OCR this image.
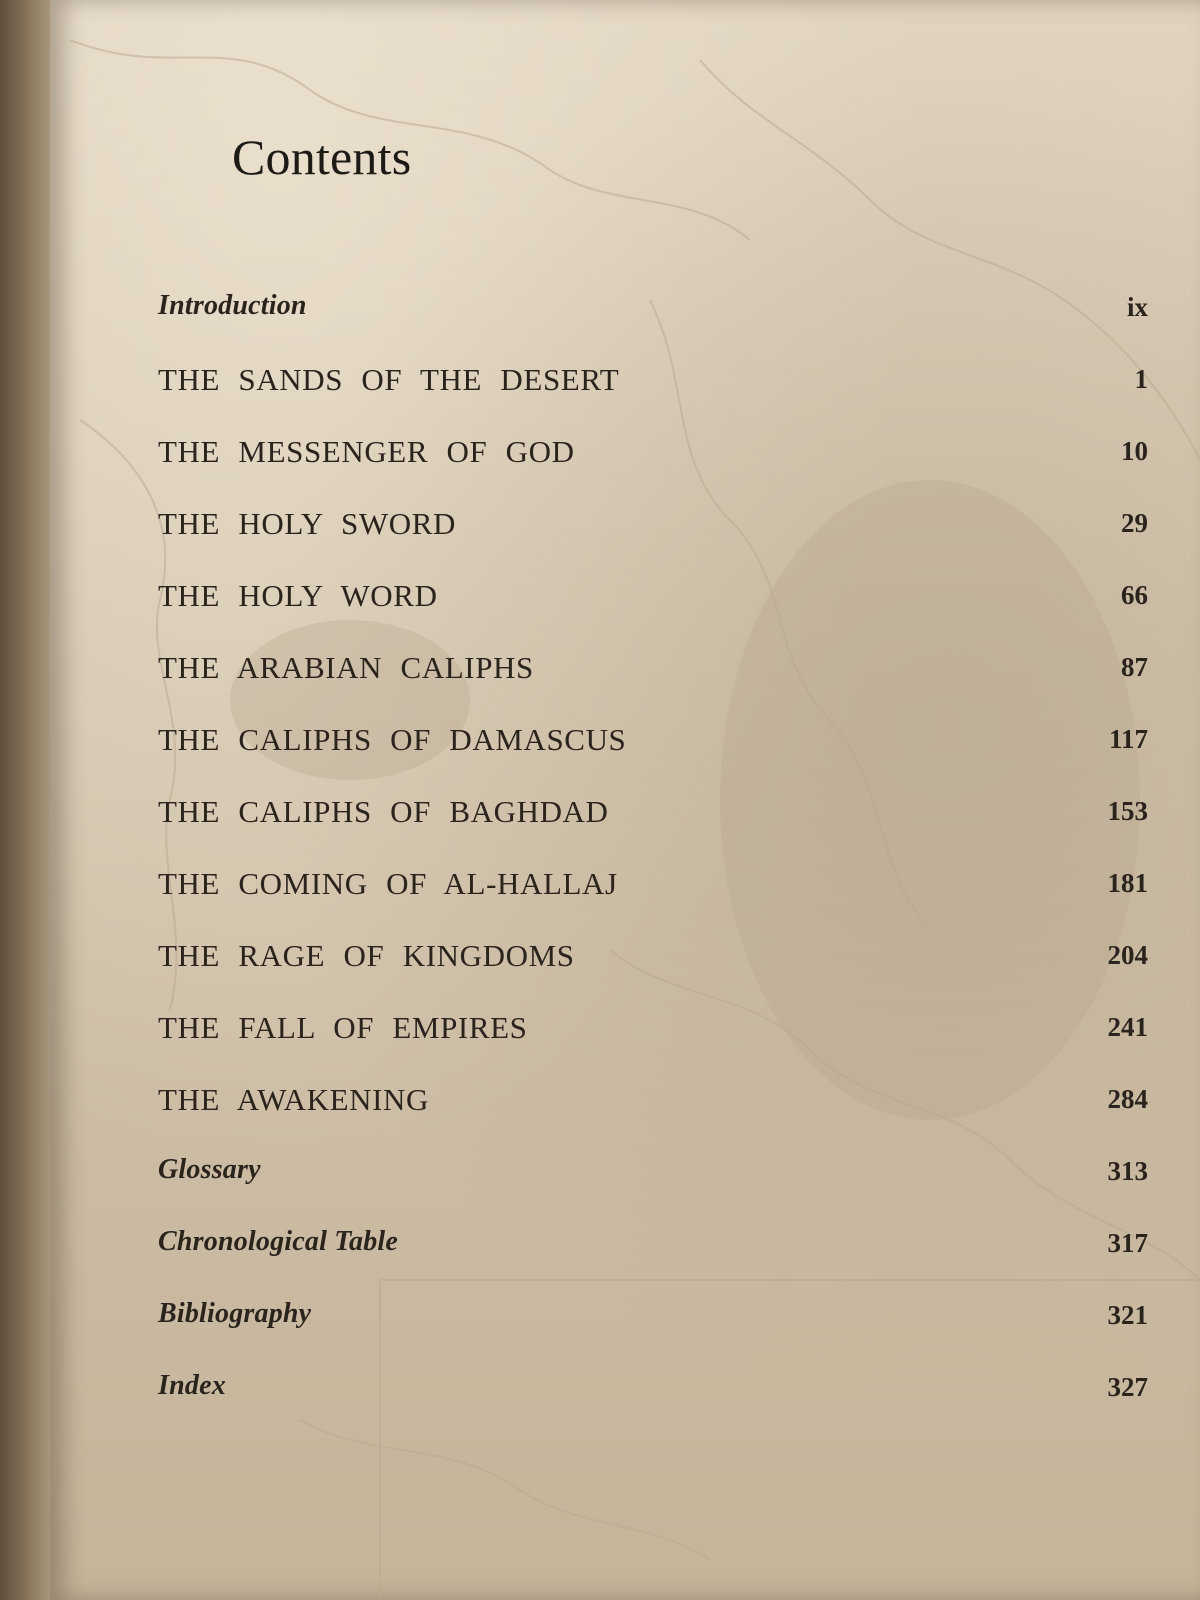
Contents
Introduction	ix
THE SANDS OF THE DESERT	1
THE MESSENGER OF GOD	10
THE HOLY SWORD	29
THE HOLY WORD	66
THE ARABIAN CALIPHS	87
THE CALIPHS OF DAMASCUS	117
THE CALIPHS OF BAGHDAD	153
THE COMING OF AL-HALLAJ	181
THE RAGE OF KINGDOMS	204
THE FALL OF EMPIRES	241
THE AWAKENING	284
Glossary	313
Chronological Table	317
Bibliography	321
Index	327
